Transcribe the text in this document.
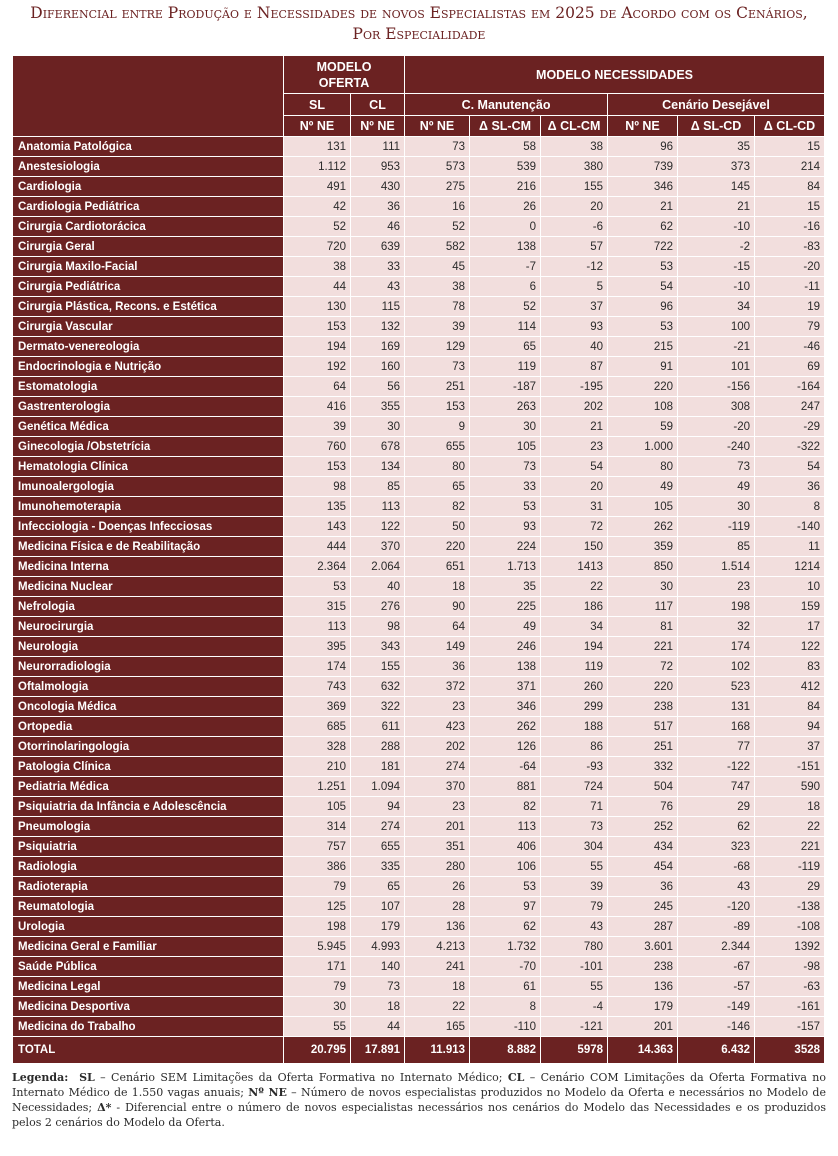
Diferencial entre Produção e Necessidades de novos Especialistas em 2025 de Acordo com os Cenários, Por Especialidade
	MODELO OFERTA		MODELO NECESSIDADES					
	SL	CL	C. Manutenção			Cenário Desejável		

	Nº NE	Nº NE	Nº NE	Δ SL-CM	Δ CL-CM	Nº NE	Δ SL-CD	Δ CL-CD
Anatomia Patológica	131	111	73	58	38	96	35	15
Anestesiologia	1.112	953	573	539	380	739	373	214
Cardiologia	491	430	275	216	155	346	145	84
Cardiologia Pediátrica	42	36	16	26	20	21	21	15
Cirurgia Cardiotorácica	52	46	52	0	-6	62	-10	-16
Cirurgia Geral	720	639	582	138	57	722	-2	-83
Cirurgia Maxilo-Facial	38	33	45	-7	-12	53	-15	-20
Cirurgia Pediátrica	44	43	38	6	5	54	-10	-11
Cirurgia Plástica, Recons. e Estética	130	115	78	52	37	96	34	19
Cirurgia Vascular	153	132	39	114	93	53	100	79
Dermato-venereologia	194	169	129	65	40	215	-21	-46
Endocrinologia e Nutrição	192	160	73	119	87	91	101	69
Estomatologia	64	56	251	-187	-195	220	-156	-164
Gastrenterologia	416	355	153	263	202	108	308	247
Genética Médica	39	30	9	30	21	59	-20	-29
Ginecologia /Obstetrícia	760	678	655	105	23	1.000	-240	-322
Hematologia Clínica	153	134	80	73	54	80	73	54
Imunoalergologia	98	85	65	33	20	49	49	36
Imunohemoterapia	135	113	82	53	31	105	30	8
Infecciologia - Doenças Infecciosas	143	122	50	93	72	262	-119	-140
Medicina Física e de Reabilitação	444	370	220	224	150	359	85	11
Medicina Interna	2.364	2.064	651	1.713	1413	850	1.514	1214
Medicina Nuclear	53	40	18	35	22	30	23	10
Nefrologia	315	276	90	225	186	117	198	159
Neurocirurgia	113	98	64	49	34	81	32	17
Neurologia	395	343	149	246	194	221	174	122
Neurorradiologia	174	155	36	138	119	72	102	83
Oftalmologia	743	632	372	371	260	220	523	412
Oncologia Médica	369	322	23	346	299	238	131	84
Ortopedia	685	611	423	262	188	517	168	94
Otorrinolaringologia	328	288	202	126	86	251	77	37
Patologia Clínica	210	181	274	-64	-93	332	-122	-151
Pediatria Médica	1.251	1.094	370	881	724	504	747	590
Psiquiatria da Infância e Adolescência	105	94	23	82	71	76	29	18
Pneumologia	314	274	201	113	73	252	62	22
Psiquiatria	757	655	351	406	304	434	323	221
Radiologia	386	335	280	106	55	454	-68	-119
Radioterapia	79	65	26	53	39	36	43	29
Reumatologia	125	107	28	97	79	245	-120	-138
Urologia	198	179	136	62	43	287	-89	-108
Medicina Geral e Familiar	5.945	4.993	4.213	1.732	780	3.601	2.344	1392
Saúde Pública	171	140	241	-70	-101	238	-67	-98
Medicina Legal	79	73	18	61	55	136	-57	-63
Medicina Desportiva	30	18	22	8	-4	179	-149	-161
Medicina do Trabalho	55	44	165	-110	-121	201	-146	-157
TOTAL	20.795	17.891	11.913	8.882	5978	14.363	6.432	3528
Legenda: SL – Cenário SEM Limitações da Oferta Formativa no Internato Médico; CL – Cenário COM Limitações da Oferta Formativa no Internato Médico de 1.550 vagas anuais; Nº NE – Número de novos especialistas produzidos no Modelo da Oferta e necessários no Modelo de Necessidades; Δ* - Diferencial entre o número de novos especialistas necessários nos cenários do Modelo das Necessidades e os produzidos pelos 2 cenários do Modelo da Oferta.
